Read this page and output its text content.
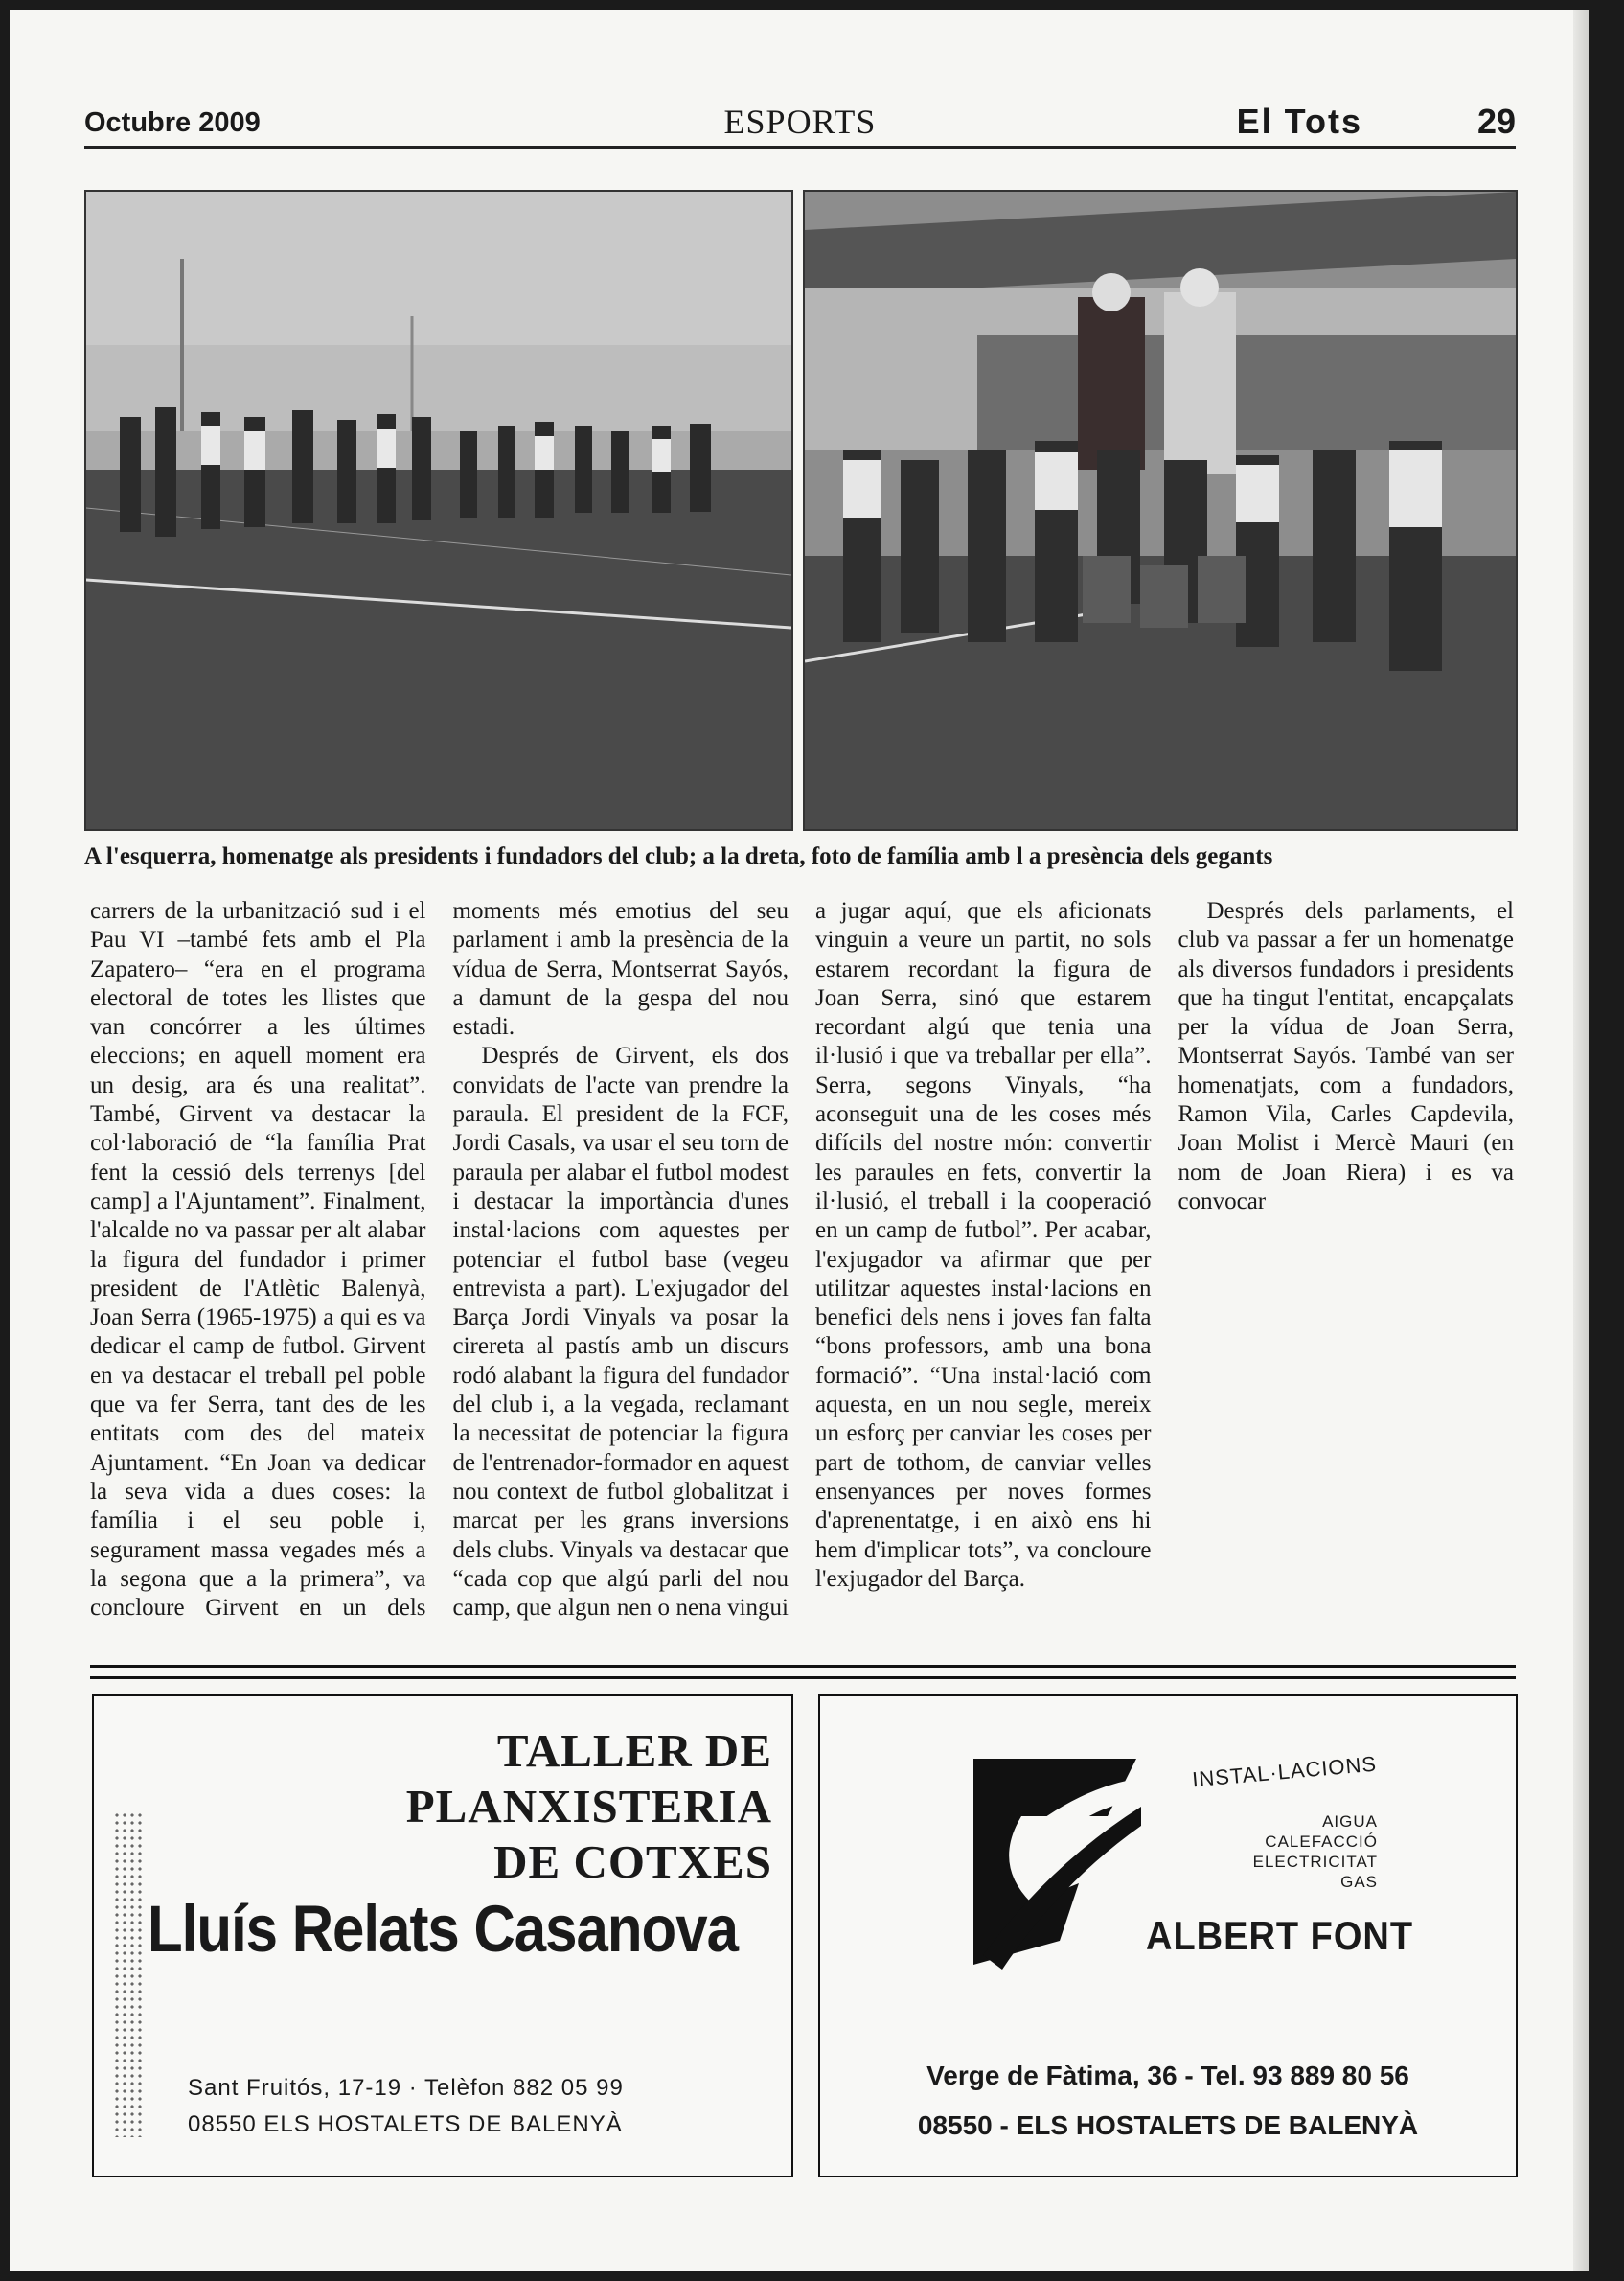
Octubre 2009	ESPORTS	El Tots	29
A l'esquerra, homenatge als presidents i fundadors del club; a la dreta, foto de família amb l a presència dels gegants

carrers de la urbanització sud i el Pau VI –també fets amb el Pla Zapatero– “era en el programa electoral de totes les llistes que van concórrer a les últimes eleccions; en aquell moment era un desig, ara és una realitat”. També, Girvent va destacar la col·laboració de “la família Prat fent la cessió dels terrenys [del camp] a l'Ajuntament”. Finalment, l'alcalde no va passar per alt alabar la figura del fundador i primer president de l'Atlètic Balenyà, Joan Serra (1965-1975) a qui es va dedicar el camp de futbol. Girvent en va destacar el treball pel poble que va fer Serra, tant des de les entitats com des del mateix Ajuntament. “En Joan va dedicar la seva vida a dues coses: la família i el seu poble i, segurament massa vegades més a la segona que a la primera”, va concloure Girvent en un dels moments més emotius del seu parlament i amb la presència de la vídua de Serra, Montserrat Sayós, a damunt de la gespa del nou estadi.

Després de Girvent, els dos convidats de l'acte van prendre la paraula. El president de la FCF, Jordi Casals, va usar el seu torn de paraula per alabar el futbol modest i destacar la importància d'unes instal·lacions com aquestes per potenciar el futbol base (vegeu entrevista a part). L'exjugador del Barça Jordi Vinyals va posar la cirereta al pastís amb un discurs rodó alabant la figura del fundador del club i, a la vegada, reclamant la necessitat de potenciar la figura de l'entrenador-formador en aquest nou context de futbol globalitzat i marcat per les grans inversions dels clubs. Vinyals va destacar que “cada cop que algú parli del nou camp, que algun nen o nena vingui a jugar aquí, que els aficionats vinguin a veure un partit, no sols estarem recordant la figura de Joan Serra, sinó que estarem recordant algú que tenia una il·lusió i que va treballar per ella”. Serra, segons Vinyals, “ha aconseguit una de les coses més difícils del nostre món: convertir les paraules en fets, convertir la il·lusió, el treball i la cooperació en un camp de futbol”. Per acabar, l'exjugador va afirmar que per utilitzar aquestes instal·lacions en benefici dels nens i joves fan falta “bons professors, amb una bona formació”. “Una instal·lació com aquesta, en un nou segle, mereix un esforç per canviar les coses per part de tothom, de canviar velles ensenyances per noves formes d'aprenentatge, i en això ens hi hem d'implicar tots”, va concloure l'exjugador del Barça.

Després dels parlaments, el club va passar a fer un homenatge als diversos fundadors i presidents que ha tingut l'entitat, encapçalats per la vídua de Joan Serra, Montserrat Sayós. També van ser homenatjats, com a fundadors, Ramon Vila, Carles Capdevila, Joan Molist i Mercè Mauri (en nom de Joan Riera) i es va convocar

TALLER DE PLANXISTERIA
DE COTXES
Lluís Relats Casanova
Sant Fruitós, 17-19 · Telèfon 882 05 99
08550 ELS HOSTALETS DE BALENYÀ
INSTAL·LACIONS
AIGUA
CALEFACCIÓ
ELECTRICITAT
GAS
ALBERT FONT
Verge de Fàtima, 36 - Tel. 93 889 80 56
08550 - ELS HOSTALETS DE BALENYÀ
